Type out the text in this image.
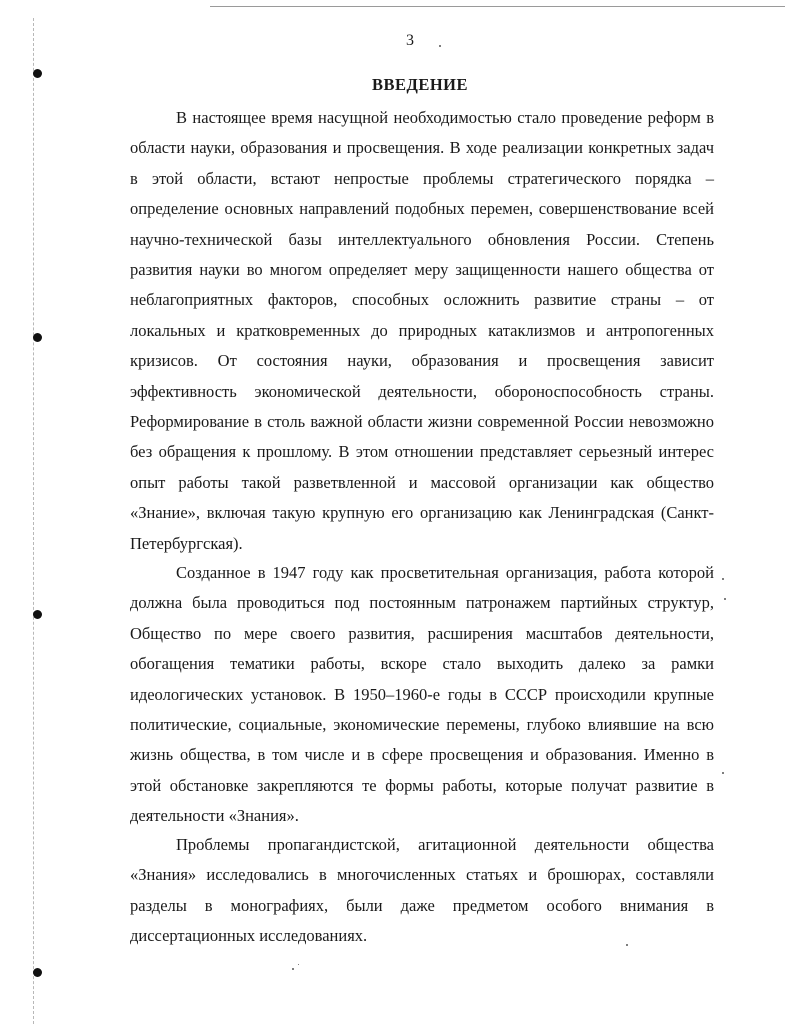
3

ВВЕДЕНИЕ

В настоящее время насущной необходимостью стало проведение реформ в области науки, образования и просвещения. В ходе реализации конкретных задач в этой области, встают непростые проблемы стратегического порядка – определение основных направлений подобных перемен, совершенствование всей научно-технической базы интеллектуального обновления России. Степень развития науки во многом определяет меру защищенности нашего общества от неблагоприятных факторов, способных осложнить развитие страны – от локальных и кратковременных до природных катаклизмов и антропогенных кризисов. От состояния науки, образования и просвещения зависит эффективность экономической деятельности, обороноспособность страны. Реформирование в столь важной области жизни современной России невозможно без обращения к прошлому. В этом отношении представляет серьезный интерес опыт работы такой разветвленной и массовой организации как общество «Знание», включая такую крупную его организацию как Ленинградская (Санкт-Петербургская).

Созданное в 1947 году как просветительная организация, работа которой должна была проводиться под постоянным патронажем партийных структур, Общество по мере своего развития, расширения масштабов деятельности, обогащения тематики работы, вскоре стало выходить далеко за рамки идеологических установок. В 1950–1960-е годы в СССР происходили крупные политические, социальные, экономические перемены, глубоко влиявшие на всю жизнь общества, в том числе и в сфере просвещения и образования. Именно в этой обстановке закрепляются те формы работы, которые получат развитие в деятельности «Знания».

Проблемы пропагандистской, агитационной деятельности общества «Знания» исследовались в многочисленных статьях и брошюрах, составляли разделы в монографиях, были даже предметом особого внимания в диссертационных исследованиях.
